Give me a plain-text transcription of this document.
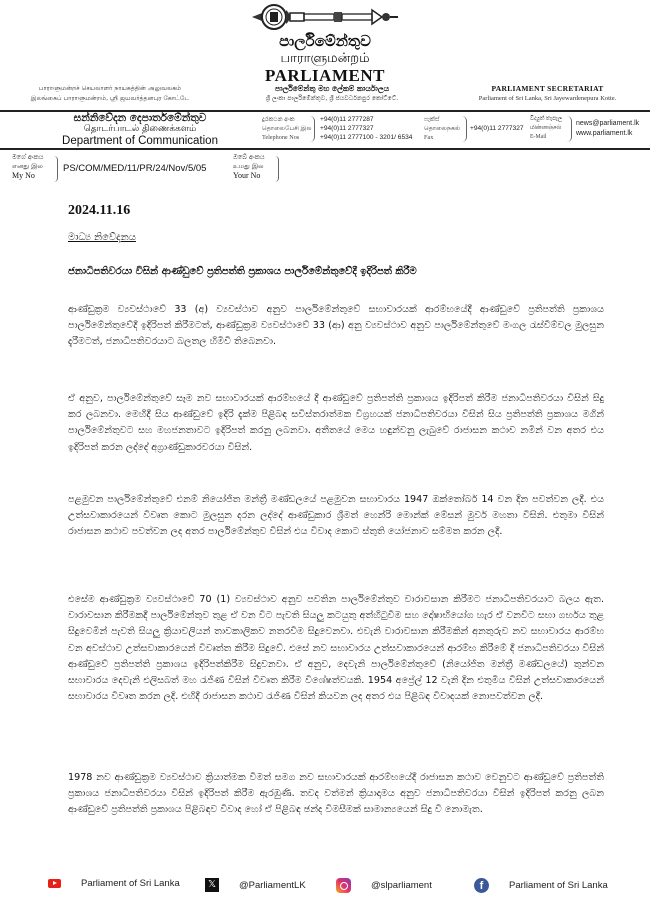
පාර්ලිමේන්තුව
பாராளுமன்றம்
PARLIAMENT
பாராளுமன்றச் செயலாளர் நாயகத்தின் அலுவலகம்
இலங்கைப் பாராளுமன்றம், ஸ்ரீ ஜயவர்த்தனபுர கோட்டே
පාර්ලිමේන්තු මහ ලේකම් කාර්යාලය
ශ්‍රී ලංකා පාර්ලිමේන්තුව, ශ්‍රී ජයවර්ධනපුර කෝට්ටේ.
PARLIAMENT SECRETARIAT
Parliament of Sri Lanka, Sri Jayewardenepura Kotte.
සන්නිවේදන දෙපාර්තමේන්තුව
தொடர்பாடல் திணைக்களம்
Department of Communication
දුරකථන අංක
தொலைபேசி இல
Telephone Nos
+94(0)11 2777287
+94(0)11 2777327
+94(0)11 2777100 - 3201/ 6534
ෆැක්ස්
தொலைநகல்
Fax
+94(0)11 2777327
විද්‍යුත් තැපෑල
மின்னஞ்சல்
E-Mail
news@parliament.lk
www.parliament.lk
මගේ අංකය
எனது இல
My No
PS/COM/MED/11/PR/24/Nov/5/05
ඔබේ අංකය
உமது இல
Your No
2024.11.16
මාධ්‍ය නිවේදනය
ජනාධිපතිවරයා විසින් ආණ්ඩුවේ ප්‍රතිපත්ති ප්‍රකාශය පාර්ලිමේන්තුවේදී ඉදිරිපත් කිරීම

ආණ්ඩුක්‍රම ව්‍යවස්ථාවේ 33 (අ) ව්‍යවස්ථාව අනුව පාර්ලිමේන්තුවේ සභාවාරයක් ආරම්භයේදී ආණ්ඩුවේ ප්‍රතිපත්ති ප්‍රකාශය පාර්ලිමේන්තුවේදී ඉදිරිපත් කිරීමටත්, ආණ්ඩුක්‍රම ව්‍යවස්ථාවේ 33 (ආ) අනු ව්‍යවස්ථාව අනුව පාර්ලිමේන්තුවේ මංගල රැස්වීම්වල මුලසුන දැරීමටත්, ජනාධිපතිවරයාට බලතල හිමිවී තිබෙනවා.

ඒ අනුව, පාර්ලිමේන්තුවේ සෑම නව සභාවාරයක් ආරම්භයේ දී ආණ්ඩුවේ ප්‍රතිපත්ති ප්‍රකාශය ඉදිරිපත් කිරීම ජනාධිපතිවරයා විසින් සිදු කර ලබනවා. මෙහිදී සිය ආණ්ඩුවේ ඉදිරි දැක්ම පිළිබඳ සවිස්තරාත්මක විග්‍රහයක් ජනාධිපතිවරයා විසින් සිය ප්‍රතිපත්ති ප්‍රකාශය මගින් පාර්ලිමේන්තුවට සහ මහජනතාවට ඉදිරිපත් කරනු ලබනවා. අතීතයේ මෙය හඳුන්වනු ලැබුවේ රාජාසන කථාව නමින් වන අතර එය ඉදිරිපත් කරන ලද්දේ අග්‍රාණ්ඩුකාරවරයා විසින්.

පළමුවන පාර්ලිමේන්තුවේ එනම් නියෝජිත මන්ත්‍රී මණ්ඩලයේ පළමුවන සභාවාරය 1947 ඔක්තෝබර් 14 වන දින පවත්වන ලදී. එය උත්සවාකාරයෙන් විවෘත කොට මුලසුන දරන ලද්දේ ආණ්ඩුකාර ශ්‍රීමත් හෙන්රි මොන්ක් මේසන් මුවර් මහතා විසිනි. එතුමා විසින් රාජාසන කථාව පවත්වන ලද අතර පාර්ලිමේන්තුව විසින් එය විවාද කොට ස්තුති යෝජනාව සම්මත කරන ලදී.

එසේම ආණ්ඩුක්‍රම ව්‍යවස්ථාවේ 70 (1) ව්‍යවස්ථාව අනුව පවතින පාර්ලිමේන්තුව වාරාවසාන කිරීමට ජනාධිපතිවරයාට බලය ඇත. වාරාවසාන කිරීමකදී පාර්ලිමේන්තුව තුළ ඒ වන විට පැවති සියලු කටයුතු අත්හිටුවීම සහ දෝෂාභියෝග හැර ඒ වනවිට සභා ගර්භය තුළ සිදුවෙමින් පැවති සියලු ක්‍රියාවලියන් තාවකාලිකව නතරවීම සිදුවෙනවා. එවැනි වාරාවසාන කිරීමකින් අනතුරුව නව සභාවාරය ආරම්භ වන අවස්ථාව උත්සවාකාරයෙන් විවෘත්ත කිරීම සිදුවේ. එසේ නව සභාවාරය උත්සවාකාරයෙන් ආරම්භ කිරීමේ දී ජනාධිපතිවරයා විසින් ආණ්ඩුවේ ප්‍රතිපත්ති ප්‍රකාශය ඉදිරිපත්කිරීම සිදුවනවා. ඒ අනුව, දෙවැනි පාර්ලිමේන්තුවේ (නියෝජිත මන්ත්‍රී මණ්ඩලයේ) තුන්වන සභාවාරය දෙවැනි එලිසබත් මහ රැජිණ විසින් විවෘත කිරීම විශේෂත්වයකි. 1954 අප්‍රේල් 12 වැනි දින එතුමිය විසින් උත්සවාකාරයෙන් සභාවාරය විවෘත කරන ලදි. එහිදී රාජාසන කථාව රැජිණ විසින් කියවන ලද අතර එය පිළිබඳ විවාදයක් නොපවත්වන ලදී.

1978 නව ආණ්ඩුක්‍රම ව්‍යවස්ථාව ක්‍රියාත්මක වීමත් සමග නව සභාවාරයක් ආරම්භයේදී රාජාසන කථාව වෙනුවට ආණ්ඩුවේ ප්‍රතිපත්ති ප්‍රකාශය ජනාධිපතිවරයා විසින් ඉදිරිපත් කිරීම ඇරඹුණි. තවද වත්මන් ක්‍රියාදාමය අනුව ජනාධිපතිවරයා විසින් ඉදිරිපත් කරනු ලබන ආණ්ඩුවේ ප්‍රතිපත්ති ප්‍රකාශය පිළිබඳව විවාද හෝ ඒ පිළිබඳ ඡන්ද විමසීමක් සාමාන්‍යයෙන් සිදු වී නොමැත.

Parliament of Sri Lanka	𝕏	@ParliamentLK	@slparliament	f	Parliament of Sri Lanka
